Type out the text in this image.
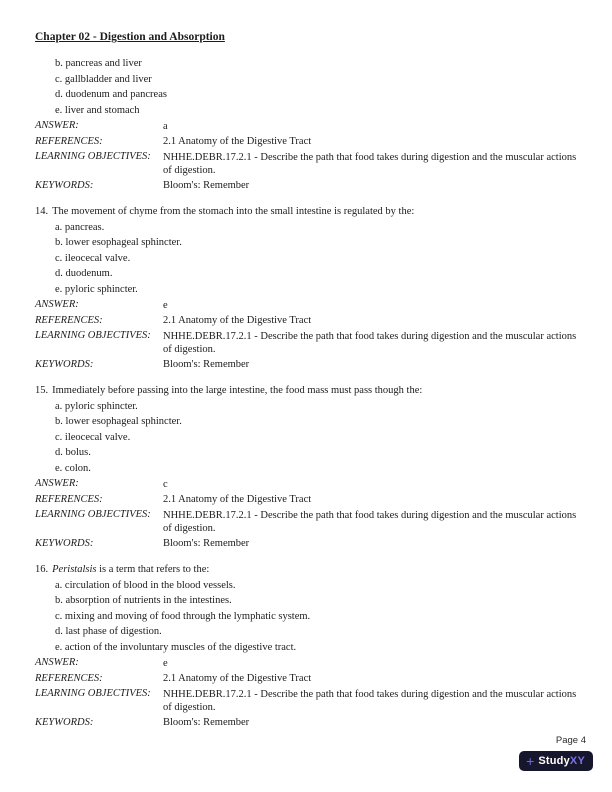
Chapter 02 - Digestion and Absorption
b. pancreas and liver
c. gallbladder and liver
d. duodenum and pancreas
e. liver and stomach
ANSWER:	a
REFERENCES:	2.1 Anatomy of the Digestive Tract
LEARNING OBJECTIVES:	NHHE.DEBR.17.2.1 - Describe the path that food takes during digestion and the muscular actions of digestion.
KEYWORDS:	Bloom's: Remember
14. The movement of chyme from the stomach into the small intestine is regulated by the:
a. pancreas.
b. lower esophageal sphincter.
c. ileocecal valve.
d. duodenum.
e. pyloric sphincter.
ANSWER:	e
REFERENCES:	2.1 Anatomy of the Digestive Tract
LEARNING OBJECTIVES:	NHHE.DEBR.17.2.1 - Describe the path that food takes during digestion and the muscular actions of digestion.
KEYWORDS:	Bloom's: Remember
15. Immediately before passing into the large intestine, the food mass must pass though the:
a. pyloric sphincter.
b. lower esophageal sphincter.
c. ileocecal valve.
d. bolus.
e. colon.
ANSWER:	c
REFERENCES:	2.1 Anatomy of the Digestive Tract
LEARNING OBJECTIVES:	NHHE.DEBR.17.2.1 - Describe the path that food takes during digestion and the muscular actions of digestion.
KEYWORDS:	Bloom's: Remember
16. Peristalsis is a term that refers to the:
a. circulation of blood in the blood vessels.
b. absorption of nutrients in the intestines.
c. mixing and moving of food through the lymphatic system.
d. last phase of digestion.
e. action of the involuntary muscles of the digestive tract.
ANSWER:	e
REFERENCES:	2.1 Anatomy of the Digestive Tract
LEARNING OBJECTIVES:	NHHE.DEBR.17.2.1 - Describe the path that food takes during digestion and the muscular actions of digestion.
KEYWORDS:	Bloom's: Remember
Page 4
+ StudyXY
